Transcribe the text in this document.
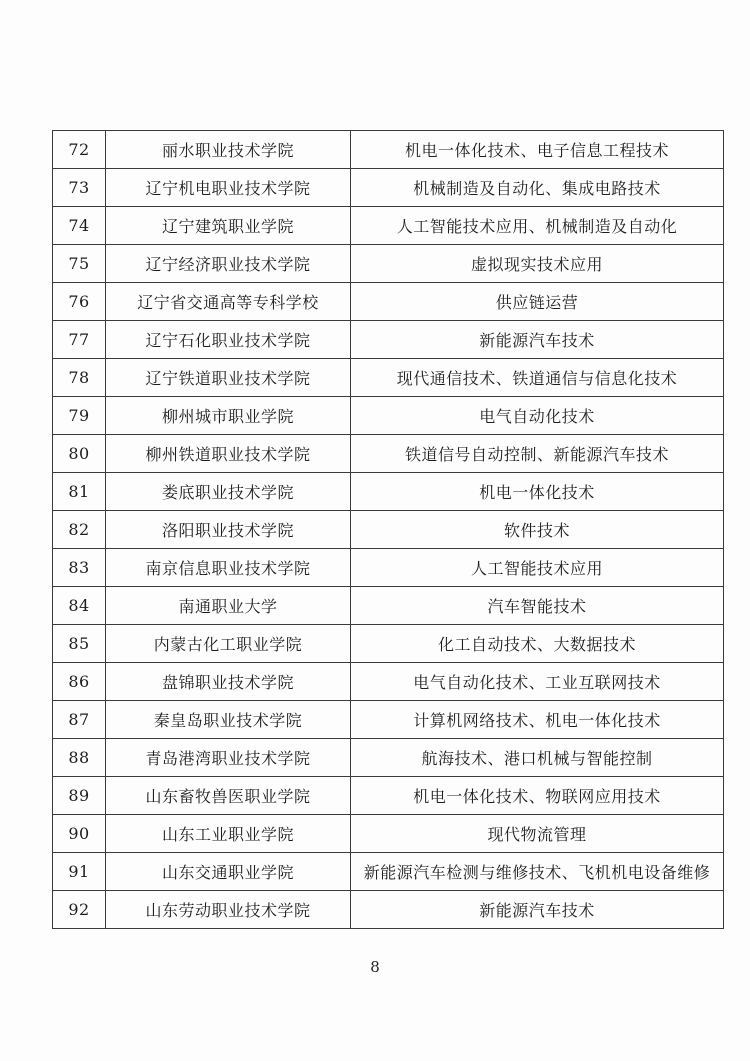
72	丽水职业技术学院	机电一体化技术、电子信息工程技术
73	辽宁机电职业技术学院	机械制造及自动化、集成电路技术
74	辽宁建筑职业学院	人工智能技术应用、机械制造及自动化
75	辽宁经济职业技术学院	虚拟现实技术应用
76	辽宁省交通高等专科学校	供应链运营
77	辽宁石化职业技术学院	新能源汽车技术
78	辽宁铁道职业技术学院	现代通信技术、铁道通信与信息化技术
79	柳州城市职业学院	电气自动化技术
80	柳州铁道职业技术学院	铁道信号自动控制、新能源汽车技术
81	娄底职业技术学院	机电一体化技术
82	洛阳职业技术学院	软件技术
83	南京信息职业技术学院	人工智能技术应用
84	南通职业大学	汽车智能技术
85	内蒙古化工职业学院	化工自动技术、大数据技术
86	盘锦职业技术学院	电气自动化技术、工业互联网技术
87	秦皇岛职业技术学院	计算机网络技术、机电一体化技术
88	青岛港湾职业技术学院	航海技术、港口机械与智能控制
89	山东畜牧兽医职业学院	机电一体化技术、物联网应用技术
90	山东工业职业学院	现代物流管理
91	山东交通职业学院	新能源汽车检测与维修技术、飞机机电设备维修
92	山东劳动职业技术学院	新能源汽车技术
8
